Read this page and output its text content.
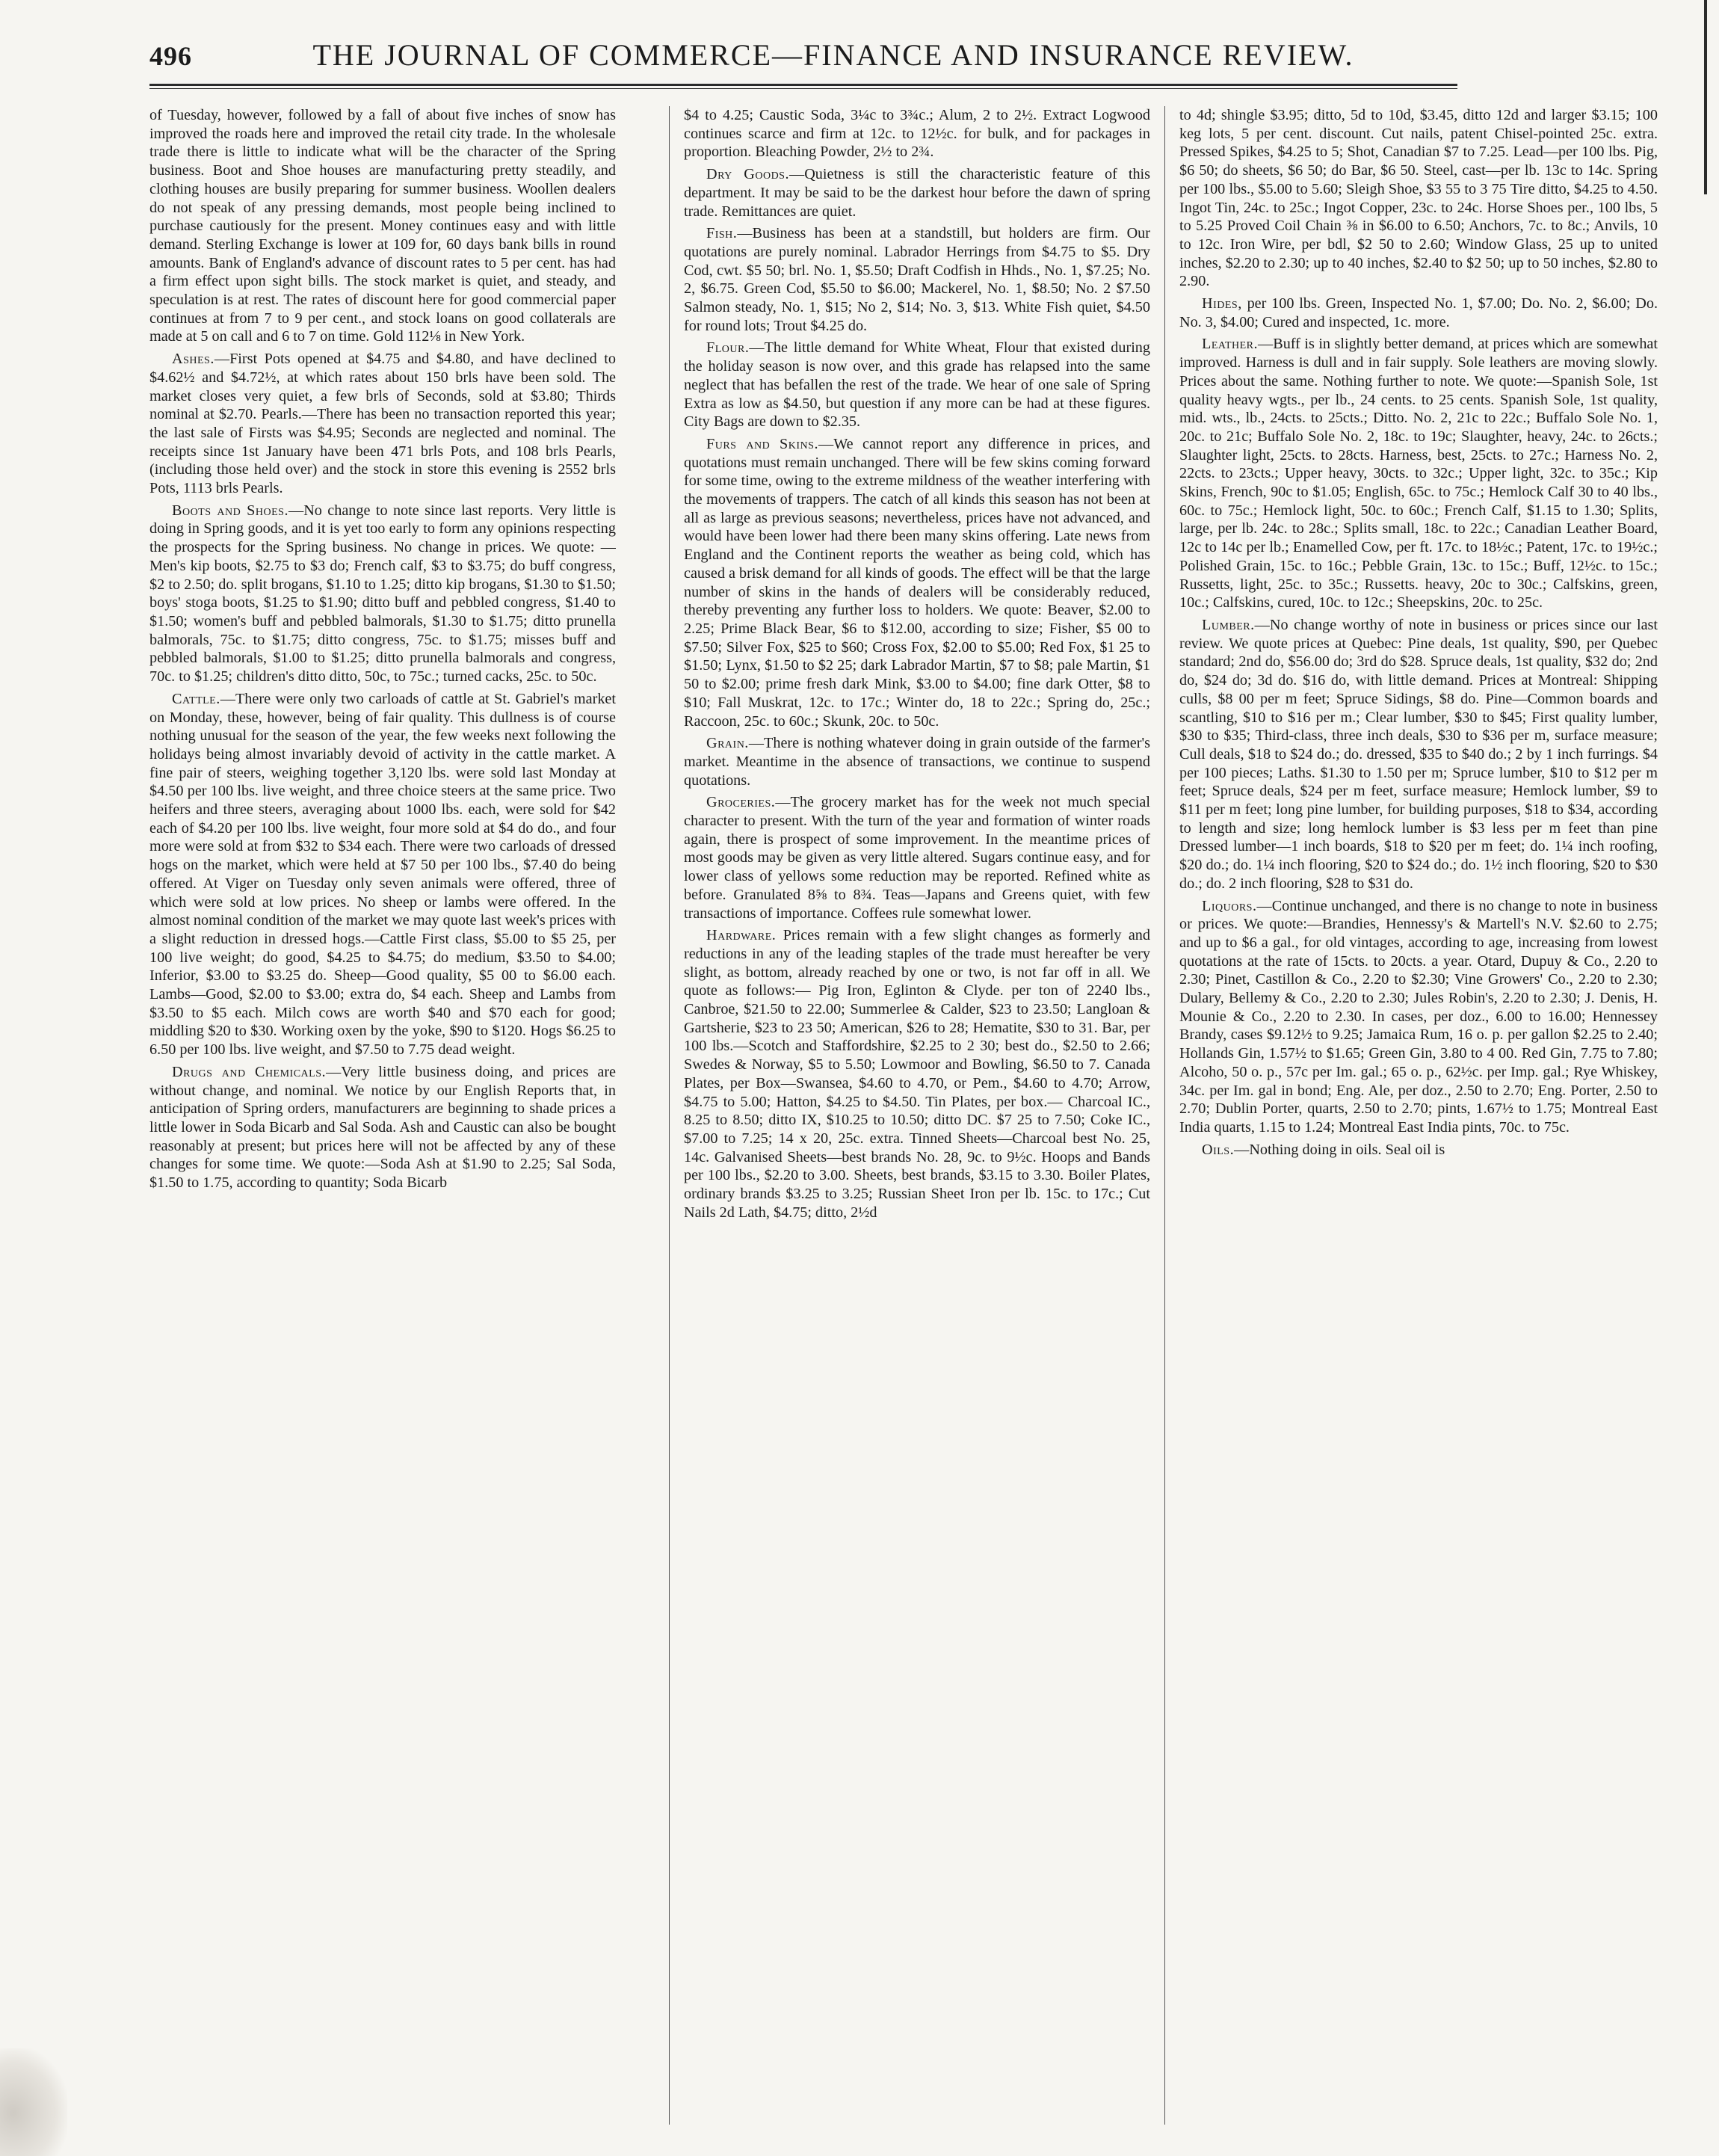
496	THE JOURNAL OF COMMERCE—FINANCE AND INSURANCE REVIEW.

of Tuesday, however, followed by a fall of about five inches of snow has improved the roads here and improved the retail city trade. In the wholesale trade there is little to indicate what will be the character of the Spring business. Boot and Shoe houses are manufacturing pretty steadily, and clothing houses are busily preparing for summer business. Woollen dealers do not speak of any pressing demands, most people being inclined to purchase cautiously for the present. Money continues easy and with little demand. Sterling Exchange is lower at 109 for, 60 days bank bills in round amounts. Bank of England's advance of discount rates to 5 per cent. has had a firm effect upon sight bills. The stock market is quiet, and steady, and speculation is at rest. The rates of discount here for good commercial paper continues at from 7 to 9 per cent., and stock loans on good collaterals are made at 5 on call and 6 to 7 on time. Gold 112⅛ in New York.

Ashes.—First Pots opened at $4.75 and $4.80, and have declined to $4.62½ and $4.72½, at which rates about 150 brls have been sold. The market closes very quiet, a few brls of Seconds, sold at $3.80; Thirds nominal at $2.70. Pearls.—There has been no transaction reported this year; the last sale of Firsts was $4.95; Seconds are neglected and nominal. The receipts since 1st January have been 471 brls Pots, and 108 brls Pearls, (including those held over) and the stock in store this evening is 2552 brls Pots, 1113 brls Pearls.

Boots and Shoes.—No change to note since last reports. Very little is doing in Spring goods, and it is yet too early to form any opinions respecting the prospects for the Spring business. No change in prices. We quote: — Men's kip boots, $2.75 to $3 do; French calf, $3 to $3.75; do buff congress, $2 to 2.50; do. split brogans, $1.10 to 1.25; ditto kip brogans, $1.30 to $1.50; boys' stoga boots, $1.25 to $1.90; ditto buff and pebbled congress, $1.40 to $1.50; women's buff and pebbled balmorals, $1.30 to $1.75; ditto prunella balmorals, 75c. to $1.75; ditto congress, 75c. to $1.75; misses buff and pebbled balmorals, $1.00 to $1.25; ditto prunella balmorals and congress, 70c. to $1.25; children's ditto ditto, 50c, to 75c.; turned cacks, 25c. to 50c.

Cattle.—There were only two carloads of cattle at St. Gabriel's market on Monday, these, however, being of fair quality. This dullness is of course nothing unusual for the season of the year, the few weeks next following the holidays being almost invariably devoid of activity in the cattle market. A fine pair of steers, weighing together 3,120 lbs. were sold last Monday at $4.50 per 100 lbs. live weight, and three choice steers at the same price. Two heifers and three steers, averaging about 1000 lbs. each, were sold for $42 each of $4.20 per 100 lbs. live weight, four more sold at $4 do do., and four more were sold at from $32 to $34 each. There were two carloads of dressed hogs on the market, which were held at $7 50 per 100 lbs., $7.40 do being offered. At Viger on Tuesday only seven animals were offered, three of which were sold at low prices. No sheep or lambs were offered. In the almost nominal condition of the market we may quote last week's prices with a slight reduction in dressed hogs.—Cattle First class, $5.00 to $5 25, per 100 live weight; do good, $4.25 to $4.75; do medium, $3.50 to $4.00; Inferior, $3.00 to $3.25 do. Sheep—Good quality, $5 00 to $6.00 each. Lambs—Good, $2.00 to $3.00; extra do, $4 each. Sheep and Lambs from $3.50 to $5 each. Milch cows are worth $40 and $70 each for good; middling $20 to $30. Working oxen by the yoke, $90 to $120. Hogs $6.25 to 6.50 per 100 lbs. live weight, and $7.50 to 7.75 dead weight.

Drugs and Chemicals.—Very little business doing, and prices are without change, and nominal. We notice by our English Reports that, in anticipation of Spring orders, manufacturers are beginning to shade prices a little lower in Soda Bicarb and Sal Soda. Ash and Caustic can also be bought reasonably at present; but prices here will not be affected by any of these changes for some time. We quote:—Soda Ash at $1.90 to 2.25; Sal Soda, $1.50 to 1.75, according to quantity; Soda Bicarb

$4 to 4.25; Caustic Soda, 3¼c to 3¾c.; Alum, 2 to 2½. Extract Logwood continues scarce and firm at 12c. to 12½c. for bulk, and for packages in proportion. Bleaching Powder, 2½ to 2¾.

Dry Goods.—Quietness is still the characteristic feature of this department. It may be said to be the darkest hour before the dawn of spring trade. Remittances are quiet.

Fish.—Business has been at a standstill, but holders are firm. Our quotations are purely nominal. Labrador Herrings from $4.75 to $5. Dry Cod, cwt. $5 50; brl. No. 1, $5.50; Draft Codfish in Hhds., No. 1, $7.25; No. 2, $6.75. Green Cod, $5.50 to $6.00; Mackerel, No. 1, $8.50; No. 2 $7.50 Salmon steady, No. 1, $15; No 2, $14; No. 3, $13. White Fish quiet, $4.50 for round lots; Trout $4.25 do.

Flour.—The little demand for White Wheat, Flour that existed during the holiday season is now over, and this grade has relapsed into the same neglect that has befallen the rest of the trade. We hear of one sale of Spring Extra as low as $4.50, but question if any more can be had at these figures. City Bags are down to $2.35.

Furs and Skins.—We cannot report any difference in prices, and quotations must remain unchanged. There will be few skins coming forward for some time, owing to the extreme mildness of the weather interfering with the movements of trappers. The catch of all kinds this season has not been at all as large as previous seasons; nevertheless, prices have not advanced, and would have been lower had there been many skins offering. Late news from England and the Continent reports the weather as being cold, which has caused a brisk demand for all kinds of goods. The effect will be that the large number of skins in the hands of dealers will be considerably reduced, thereby preventing any further loss to holders. We quote: Beaver, $2.00 to 2.25; Prime Black Bear, $6 to $12.00, according to size; Fisher, $5 00 to $7.50; Silver Fox, $25 to $60; Cross Fox, $2.00 to $5.00; Red Fox, $1 25 to $1.50; Lynx, $1.50 to $2 25; dark Labrador Martin, $7 to $8; pale Martin, $1 50 to $2.00; prime fresh dark Mink, $3.00 to $4.00; fine dark Otter, $8 to $10; Fall Muskrat, 12c. to 17c.; Winter do, 18 to 22c.; Spring do, 25c.; Raccoon, 25c. to 60c.; Skunk, 20c. to 50c.

Grain.—There is nothing whatever doing in grain outside of the farmer's market. Meantime in the absence of transactions, we continue to suspend quotations.

Groceries.—The grocery market has for the week not much special character to present. With the turn of the year and formation of winter roads again, there is prospect of some improvement. In the meantime prices of most goods may be given as very little altered. Sugars continue easy, and for lower class of yellows some reduction may be reported. Refined white as before. Granulated 8⅝ to 8¾. Teas—Japans and Greens quiet, with few transactions of importance. Coffees rule somewhat lower.

Hardware. Prices remain with a few slight changes as formerly and reductions in any of the leading staples of the trade must hereafter be very slight, as bottom, already reached by one or two, is not far off in all. We quote as follows:— Pig Iron, Eglinton & Clyde. per ton of 2240 lbs., Canbroe, $21.50 to 22.00; Summerlee & Calder, $23 to 23.50; Langloan & Gartsherie, $23 to 23 50; American, $26 to 28; Hematite, $30 to 31. Bar, per 100 lbs.—Scotch and Staffordshire, $2.25 to 2 30; best do., $2.50 to 2.66; Swedes & Norway, $5 to 5.50; Lowmoor and Bowling, $6.50 to 7. Canada Plates, per Box—Swansea, $4.60 to 4.70, or Pem., $4.60 to 4.70; Arrow, $4.75 to 5.00; Hatton, $4.25 to $4.50. Tin Plates, per box.— Charcoal IC., 8.25 to 8.50; ditto IX, $10.25 to 10.50; ditto DC. $7 25 to 7.50; Coke IC., $7.00 to 7.25; 14 x 20, 25c. extra. Tinned Sheets—Charcoal best No. 25, 14c. Galvanised Sheets—best brands No. 28, 9c. to 9½c. Hoops and Bands per 100 lbs., $2.20 to 3.00. Sheets, best brands, $3.15 to 3.30. Boiler Plates, ordinary brands $3.25 to 3.25; Russian Sheet Iron per lb. 15c. to 17c.; Cut Nails 2d Lath, $4.75; ditto, 2½d

to 4d; shingle $3.95; ditto, 5d to 10d, $3.45, ditto 12d and larger $3.15; 100 keg lots, 5 per cent. discount. Cut nails, patent Chisel-pointed 25c. extra. Pressed Spikes, $4.25 to 5; Shot, Canadian $7 to 7.25. Lead—per 100 lbs. Pig, $6 50; do sheets, $6 50; do Bar, $6 50. Steel, cast—per lb. 13c to 14c. Spring per 100 lbs., $5.00 to 5.60; Sleigh Shoe, $3 55 to 3 75 Tire ditto, $4.25 to 4.50. Ingot Tin, 24c. to 25c.; Ingot Copper, 23c. to 24c. Horse Shoes per., 100 lbs, 5 to 5.25 Proved Coil Chain ⅜ in $6.00 to 6.50; Anchors, 7c. to 8c.; Anvils, 10 to 12c. Iron Wire, per bdl, $2 50 to 2.60; Window Glass, 25 up to united inches, $2.20 to 2.30; up to 40 inches, $2.40 to $2 50; up to 50 inches, $2.80 to 2.90.

Hides, per 100 lbs. Green, Inspected No. 1, $7.00; Do. No. 2, $6.00; Do. No. 3, $4.00; Cured and inspected, 1c. more.

Leather.—Buff is in slightly better demand, at prices which are somewhat improved. Harness is dull and in fair supply. Sole leathers are moving slowly. Prices about the same. Nothing further to note. We quote:—Spanish Sole, 1st quality heavy wgts., per lb., 24 cents. to 25 cents. Spanish Sole, 1st quality, mid. wts., lb., 24cts. to 25cts.; Ditto. No. 2, 21c to 22c.; Buffalo Sole No. 1, 20c. to 21c; Buffalo Sole No. 2, 18c. to 19c; Slaughter, heavy, 24c. to 26cts.; Slaughter light, 25cts. to 28cts. Harness, best, 25cts. to 27c.; Harness No. 2, 22cts. to 23cts.; Upper heavy, 30cts. to 32c.; Upper light, 32c. to 35c.; Kip Skins, French, 90c to $1.05; English, 65c. to 75c.; Hemlock Calf 30 to 40 lbs., 60c. to 75c.; Hemlock light, 50c. to 60c.; French Calf, $1.15 to 1.30; Splits, large, per lb. 24c. to 28c.; Splits small, 18c. to 22c.; Canadian Leather Board, 12c to 14c per lb.; Enamelled Cow, per ft. 17c. to 18½c.; Patent, 17c. to 19½c.; Polished Grain, 15c. to 16c.; Pebble Grain, 13c. to 15c.; Buff, 12½c. to 15c.; Russetts, light, 25c. to 35c.; Russetts. heavy, 20c to 30c.; Calfskins, green, 10c.; Calfskins, cured, 10c. to 12c.; Sheepskins, 20c. to 25c.

Lumber.—No change worthy of note in business or prices since our last review. We quote prices at Quebec: Pine deals, 1st quality, $90, per Quebec standard; 2nd do, $56.00 do; 3rd do $28. Spruce deals, 1st quality, $32 do; 2nd do, $24 do; 3d do. $16 do, with little demand. Prices at Montreal: Shipping culls, $8 00 per m feet; Spruce Sidings, $8 do. Pine—Common boards and scantling, $10 to $16 per m.; Clear lumber, $30 to $45; First quality lumber, $30 to $35; Third-class, three inch deals, $30 to $36 per m, surface measure; Cull deals, $18 to $24 do.; do. dressed, $35 to $40 do.; 2 by 1 inch furrings. $4 per 100 pieces; Laths. $1.30 to 1.50 per m; Spruce lumber, $10 to $12 per m feet; Spruce deals, $24 per m feet, surface measure; Hemlock lumber, $9 to $11 per m feet; long pine lumber, for building purposes, $18 to $34, according to length and size; long hemlock lumber is $3 less per m feet than pine Dressed lumber—1 inch boards, $18 to $20 per m feet; do. 1¼ inch roofing, $20 do.; do. 1¼ inch flooring, $20 to $24 do.; do. 1½ inch flooring, $20 to $30 do.; do. 2 inch flooring, $28 to $31 do.

Liquors.—Continue unchanged, and there is no change to note in business or prices. We quote:—Brandies, Hennessy's & Martell's N.V. $2.60 to 2.75; and up to $6 a gal., for old vintages, according to age, increasing from lowest quotations at the rate of 15cts. to 20cts. a year. Otard, Dupuy & Co., 2.20 to 2.30; Pinet, Castillon & Co., 2.20 to $2.30; Vine Growers' Co., 2.20 to 2.30; Dulary, Bellemy & Co., 2.20 to 2.30; Jules Robin's, 2.20 to 2.30; J. Denis, H. Mounie & Co., 2.20 to 2.30. In cases, per doz., 6.00 to 16.00; Hennessey Brandy, cases $9.12½ to 9.25; Jamaica Rum, 16 o. p. per gallon $2.25 to 2.40; Hollands Gin, 1.57½ to $1.65; Green Gin, 3.80 to 4 00. Red Gin, 7.75 to 7.80; Alcoho, 50 o. p., 57c per Im. gal.; 65 o. p., 62½c. per Imp. gal.; Rye Whiskey, 34c. per Im. gal in bond; Eng. Ale, per doz., 2.50 to 2.70; Eng. Porter, 2.50 to 2.70; Dublin Porter, quarts, 2.50 to 2.70; pints, 1.67½ to 1.75; Montreal East India quarts, 1.15 to 1.24; Montreal East India pints, 70c. to 75c.

Oils.—Nothing doing in oils. Seal oil is
